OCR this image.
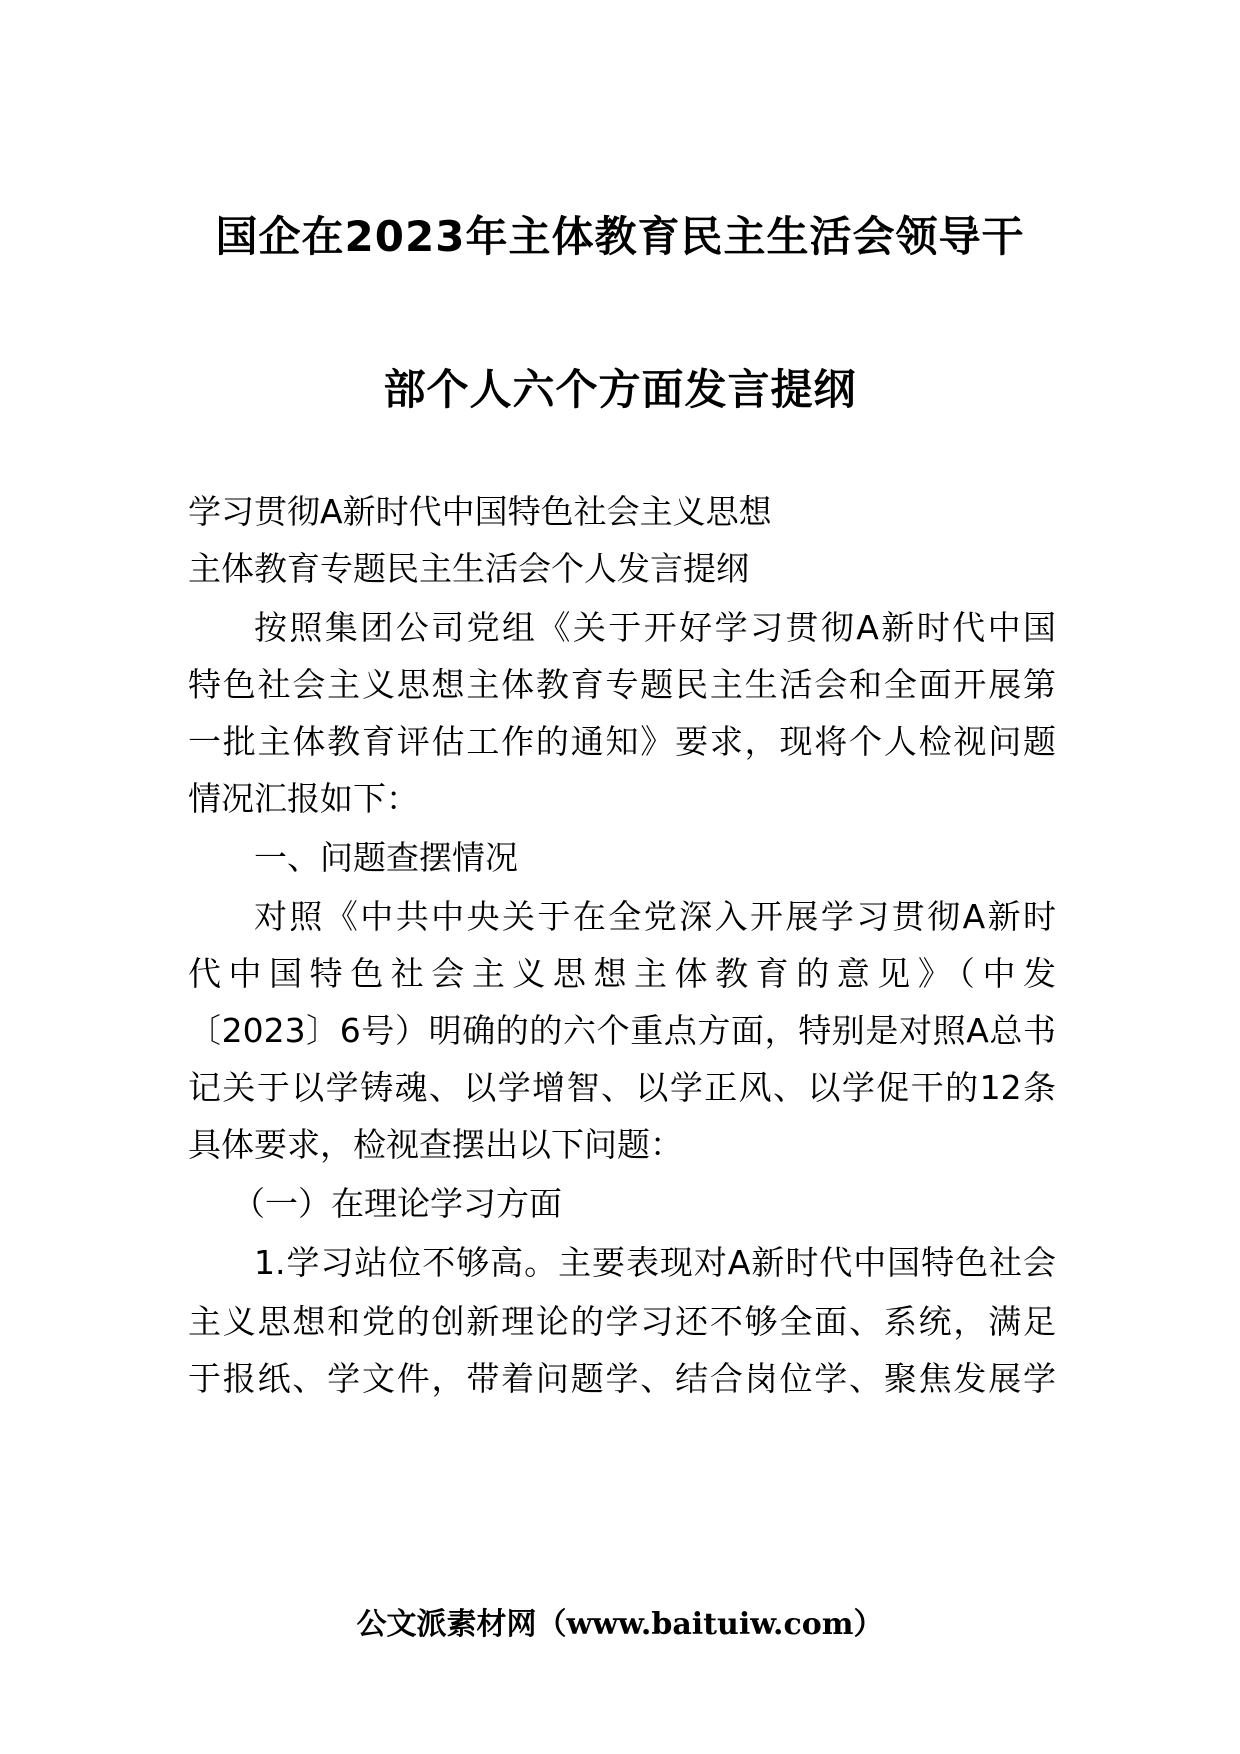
国企在2023年主体教育民主生活会领导干
部个人六个方面发言提纲
学习贯彻A新时代中国特色社会主义思想
主体教育专题民主生活会个人发言提纲
按照集团公司党组《关于开好学习贯彻A新时代中国
特色社会主义思想主体教育专题民主生活会和全面开展第
一批主体教育评估工作的通知》要求，现将个人检视问题
情况汇报如下：
一、问题查摆情况
对照《中共中央关于在全党深入开展学习贯彻A新时
代中国特色社会主义思想主体教育的意见》（中发
〔2023〕6号）明确的的六个重点方面，特别是对照A总书
记关于以学铸魂、以学增智、以学正风、以学促干的12条
具体要求，检视查摆出以下问题：
（一）在理论学习方面
1.学习站位不够高。主要表现对A新时代中国特色社会
主义思想和党的创新理论的学习还不够全面、系统，满足
于报纸、学文件，带着问题学、结合岗位学、聚焦发展学
公文派素材网（www.baituiw.com）
